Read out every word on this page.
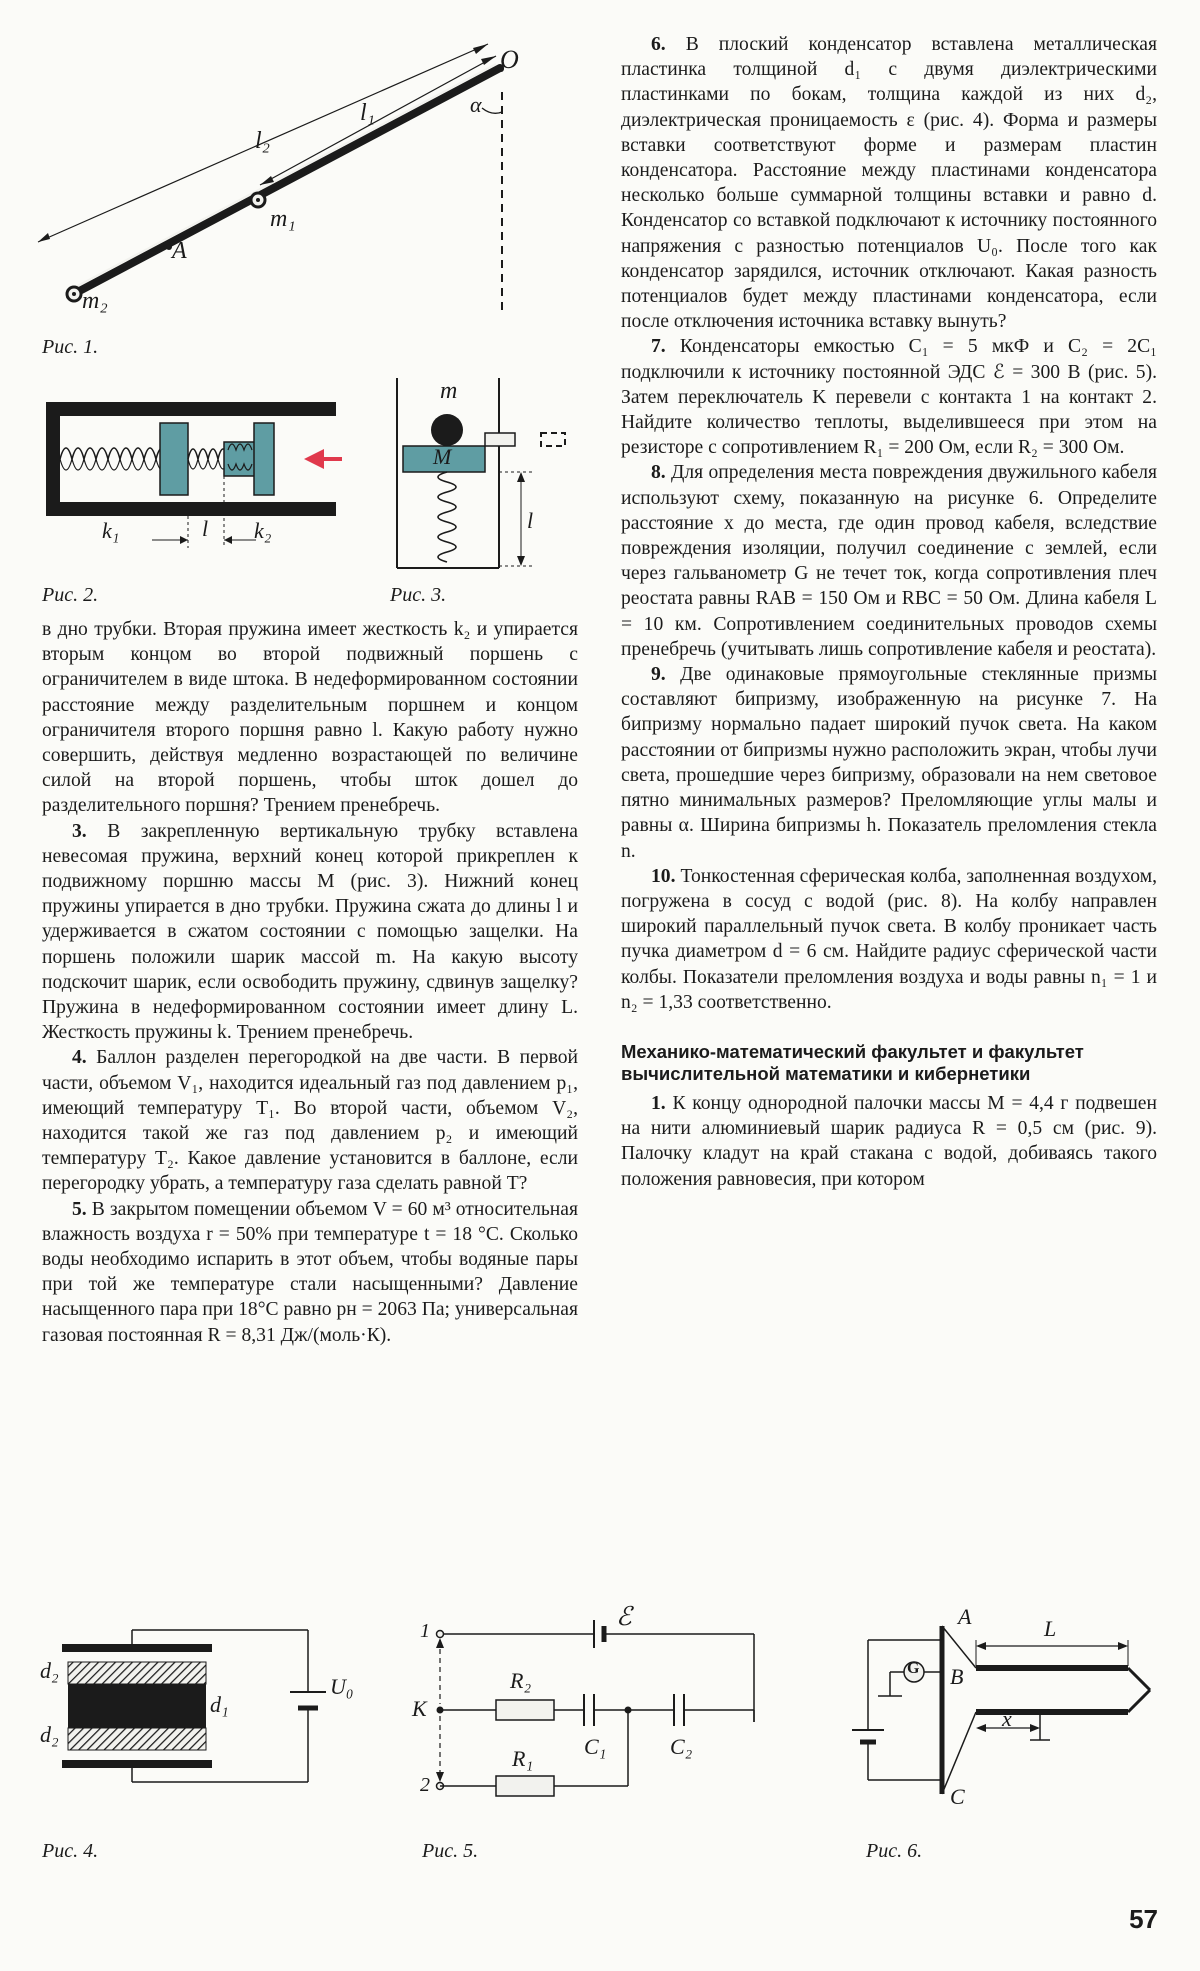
O
α
l₁
l₂
m₁
A
m₂
Рис. 1.
k₁	l k₂
Рис. 2.
m
M
l
Рис. 3.

в дно трубки. Вторая пружина имеет жесткость k₂ и упирается вторым концом во второй подвижный поршень с ограничителем в виде штока. В недеформированном состоянии расстояние между разделительным поршнем и концом ограничителя второго поршня равно l. Какую работу нужно совершить, действуя медленно возрастающей по величине силой на второй поршень, чтобы шток дошел до разделительного поршня? Трением пренебречь.

3. В закрепленную вертикальную трубку вставлена невесомая пружина, верхний конец которой прикреплен к подвижному поршню массы M (рис. 3). Нижний конец пружины упирается в дно трубки. Пружина сжата до длины l и удерживается в сжатом состоянии с помощью защелки. На поршень положили шарик массой m. На какую высоту подскочит шарик, если освободить пружину, сдвинув защелку? Пружина в недеформированном состоянии имеет длину L. Жесткость пружины k. Трением пренебречь.

4. Баллон разделен перегородкой на две части. В первой части, объемом V₁, находится идеальный газ под давлением p₁, имеющий температуру T₁. Во второй части, объемом V₂, находится такой же газ под давлением p₂ и имеющий температуру T₂. Какое давление установится в баллоне, если перегородку убрать, а температуру газа сделать равной T?

5. В закрытом помещении объемом V = 60 м³ относительная влажность воздуха r = 50% при температуре t = 18 °C. Сколько воды необходимо испарить в этот объем, чтобы водяные пары при той же температуре стали насыщенными? Давление насыщенного пара при 18°C равно pн = 2063 Па; универсальная газовая постоянная R = 8,31 Дж/(моль·К).

6. В плоский конденсатор вставлена металлическая пластинка толщиной d₁ с двумя диэлектрическими пластинками по бокам, толщина каждой из них d₂, диэлектрическая проницаемость ε (рис. 4). Форма и размеры вставки соответствуют форме и размерам пластин конденсатора. Расстояние между пластинами конденсатора несколько больше суммарной толщины вставки и равно d. Конденсатор со вставкой подключают к источнику постоянного напряжения с разностью потенциалов U₀. После того как конденсатор зарядился, источник отключают. Какая разность потенциалов будет между пластинами конденсатора, если после отключения источника вставку вынуть?

7. Конденсаторы емкостью C₁ = 5 мкФ и C₂ = 2C₁ подключили к источнику постоянной ЭДС ℰ = 300 В (рис. 5). Затем переключатель K перевели с контакта 1 на контакт 2. Найдите количество теплоты, выделившееся при этом на резисторе с сопротивлением R₁ = 200 Ом, если R₂ = 300 Ом.

8. Для определения места повреждения двужильного кабеля используют схему, показанную на рисунке 6. Определите расстояние x до места, где один провод кабеля, вследствие повреждения изоляции, получил соединение с землей, если через гальванометр G не течет ток, когда сопротивления плеч реостата равны RAB = 150 Ом и RBC = 50 Ом. Длина кабеля L = 10 км. Сопротивлением соединительных проводов схемы пренебречь (учитывать лишь сопротивление кабеля и реостата).

9. Две одинаковые прямоугольные стеклянные призмы составляют бипризму, изображенную на рисунке 7. На бипризму нормально падает широкий пучок света. На каком расстоянии от бипризмы нужно расположить экран, чтобы лучи света, прошедшие через бипризму, образовали на нем световое пятно минимальных размеров? Преломляющие углы малы и равны α. Ширина бипризмы h. Показатель преломления стекла n.

10. Тонкостенная сферическая колба, заполненная воздухом, погружена в сосуд с водой (рис. 8). На колбу направлен широкий параллельный пучок света. В колбу проникает часть пучка диаметром d = 6 см. Найдите радиус сферической части колбы. Показатели преломления воздуха и воды равны n₁ = 1 и n₂ = 1,33 соответственно.

Механико-математический факультет и факультет вычислительной математики и кибернетики

1. К концу однородной палочки массы M = 4,4 г подвешен на нити алюминиевый шарик радиуса R = 0,5 см (рис. 9). Палочку кладут на край стакана с водой, добиваясь такого положения равновесия, при котором

d₂
d₁
d₂
U₀
Рис. 4.
ℰ
1
K
2
R₂
R₁ C₁	C₂
Рис. 5.
A
G B
C
L
x
Рис. 6.
57
